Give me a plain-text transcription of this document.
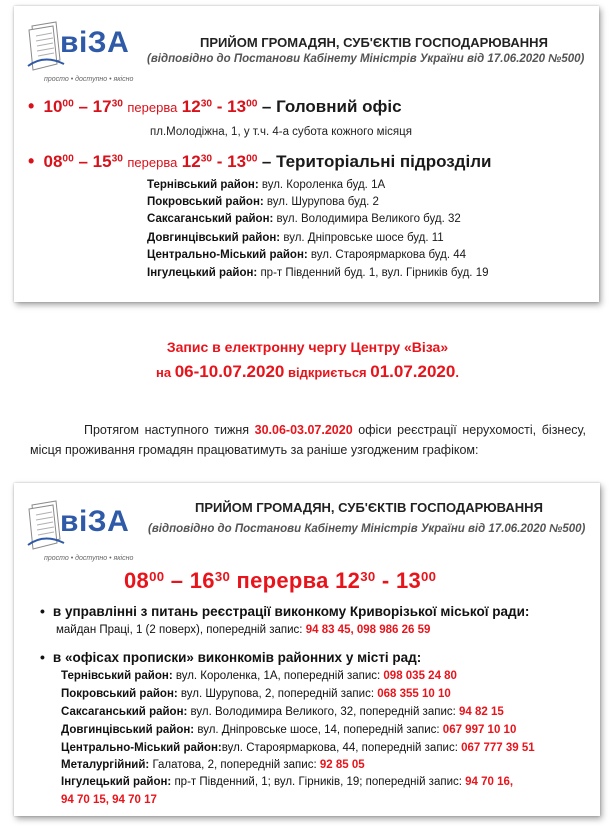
віЗА
просто • доступно • якісно
ПРИЙОМ ГРОМАДЯН, СУБ'ЄКТІВ ГОСПОДАРЮВАННЯ
(відповідно до Постанови Кабінету Міністрів України від 17.06.2020 №500)
• $10^{00} - 17^{30}$ перерва $12^{30} - 13^{00}$ – Головний офіс
пл.Молодіжна, 1, у т.ч. 4-а субота кожного місяця
• $08^{00} - 15^{30}$ перерва $12^{30} - 13^{00}$ – Територіальні підрозділи
Тернівський район: вул. Короленка буд. 1А
Покровський район: вул. Шурупова буд. 2
Саксаганський район: вул. Володимира Великого буд. 32
Довгинцівський район: вул. Дніпровське шосе буд. 11
Центрально-Міський район: вул. Староярмаркова буд. 44
Інгулецький район: пр-т Південний буд. 1, вул. Гірників буд. 19
Запис в електронну чергу Центру «Віза»
на 06-10.07.2020 відкриється 01.07.2020.
Протягом наступного тижня 30.06-03.07.2020 офіси реєстрації нерухомості, бізнесу, місця проживання громадян працюватимуть за раніше узгодженим графіком:
віЗА
просто • доступно • якісно
ПРИЙОМ ГРОМАДЯН, СУБ'ЄКТІВ ГОСПОДАРЮВАННЯ
(відповідно до Постанови Кабінету Міністрів України від 17.06.2020 №500)
$08^{00} - 16^{30}$ перерва $12^{30} - 13^{00}$
• в управлінні з питань реєстрації виконкому Криворізької міської ради:
майдан Праці, 1 (2 поверх), попередній запис: 94 83 45, 098 986 26 59
• в «офісах прописки» виконкомів районних у місті рад:
Тернівський район: вул. Короленка, 1А, попередній запис: 098 035 24 80
Покровський район: вул. Шурупова, 2, попередній запис: 068 355 10 10
Саксаганський район: вул. Володимира Великого, 32, попередній запис: 94 82 15
Довгинцівський район: вул. Дніпровське шосе, 14, попередній запис: 067 997 10 10
Центрально-Міський район:вул. Староярмаркова, 44, попередній запис: 067 777 39 51
Металургійний: Галатова, 2, попередній запис: 92 85 05
Інгулецький район: пр-т Південний, 1; вул. Гірників, 19; попередній запис: 94 70 16,
94 70 15, 94 70 17
